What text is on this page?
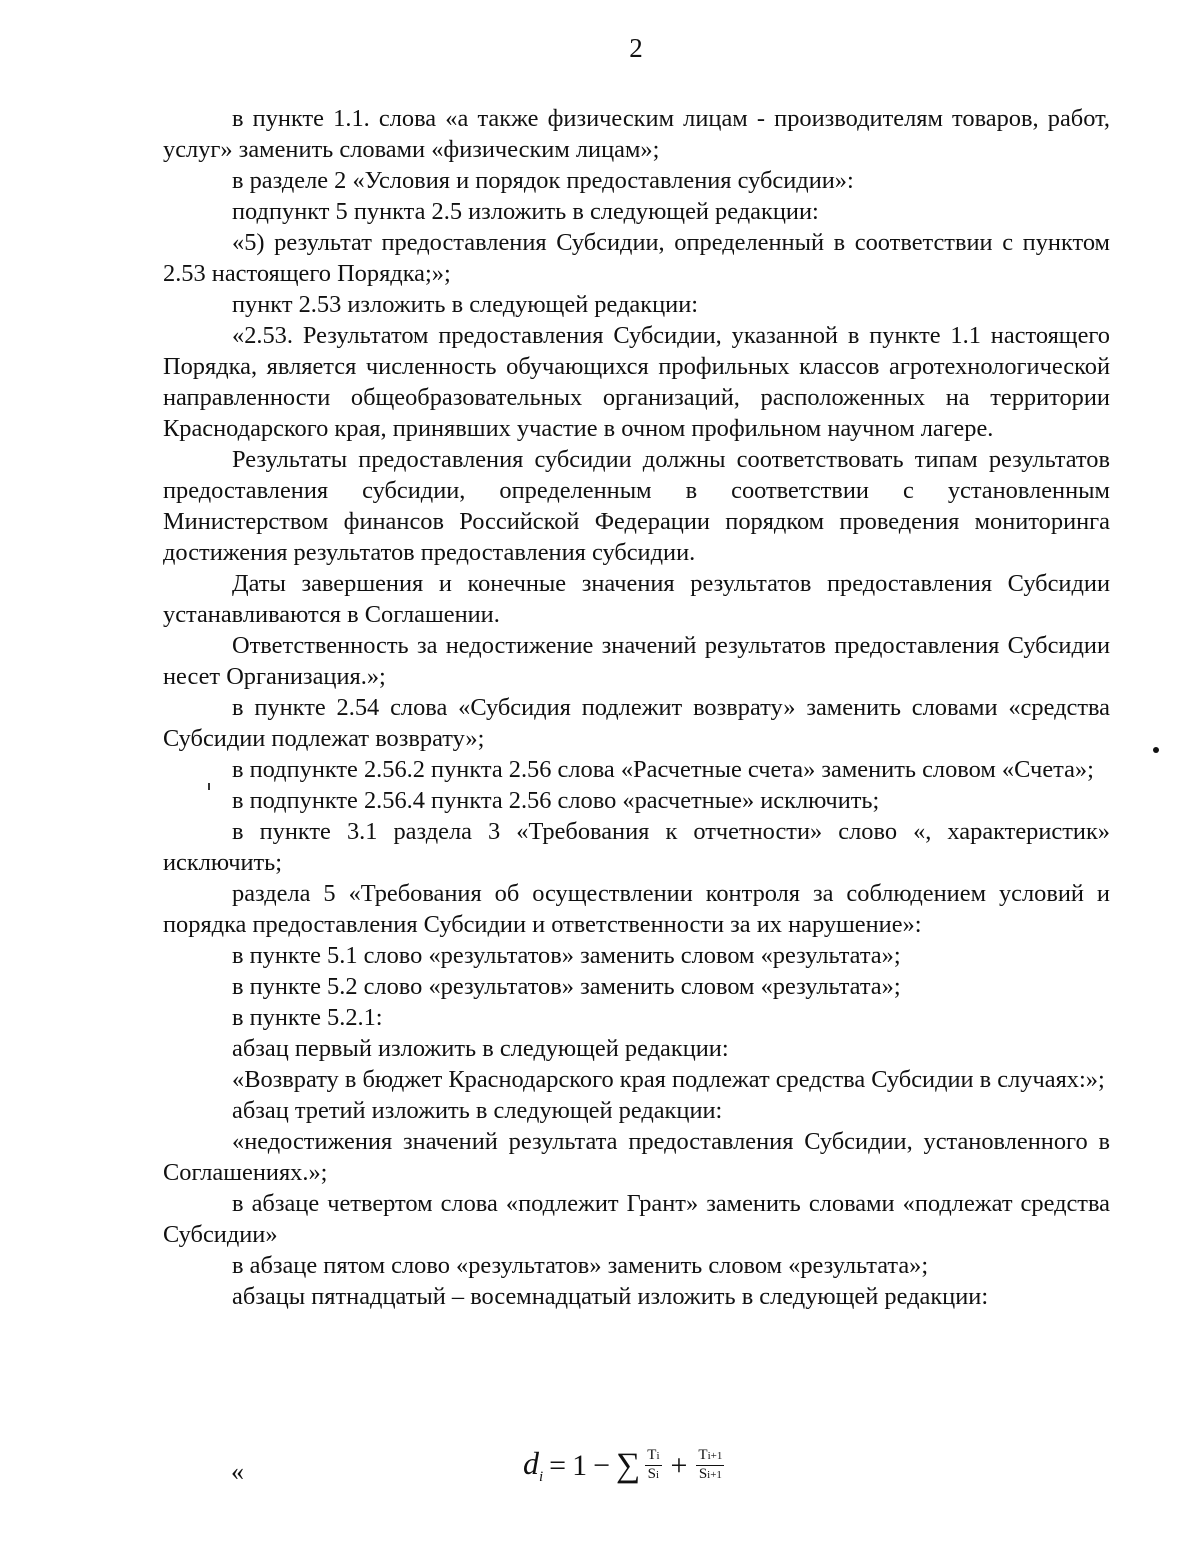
2

в пункте 1.1. слова «а также физическим лицам - производителям товаров, работ, услуг» заменить словами «физическим лицам»;

в разделе 2 «Условия и порядок предоставления субсидии»:

подпункт 5 пункта 2.5 изложить в следующей редакции:

«5) результат предоставления Субсидии, определенный в соответствии с пунктом 2.53 настоящего Порядка;»;

пункт 2.53 изложить в следующей редакции:

«2.53. Результатом предоставления Субсидии, указанной в пункте 1.1 настоящего Порядка, является численность обучающихся профильных классов агротехнологической направленности общеобразовательных организаций, расположенных на территории Краснодарского края, принявших участие в очном профильном научном лагере.

Результаты предоставления субсидии должны соответствовать типам результатов предоставления субсидии, определенным в соответствии с установленным Министерством финансов Российской Федерации порядком проведения мониторинга достижения результатов предоставления субсидии.

Даты завершения и конечные значения результатов предоставления Субсидии устанавливаются в Соглашении.

Ответственность за недостижение значений результатов предоставления Субсидии несет Организация.»;

в пункте 2.54 слова «Субсидия подлежит возврату» заменить словами «средства Субсидии подлежат возврату»;

в подпункте 2.56.2 пункта 2.56 слова «Расчетные счета» заменить словом «Счета»;

в подпункте 2.56.4 пункта 2.56 слово «расчетные» исключить;

в пункте 3.1 раздела 3 «Требования к отчетности» слово «, характеристик» исключить;

раздела 5 «Требования об осуществлении контроля за соблюдением условий и порядка предоставления Субсидии и ответственности за их нарушение»:

в пункте 5.1 слово «результатов» заменить словом «результата»;

в пункте 5.2 слово «результатов» заменить словом «результата»;

в пункте 5.2.1:

абзац первый изложить в следующей редакции:

«Возврату в бюджет Краснодарского края подлежат средства Субсидии в случаях:»;

абзац третий изложить в следующей редакции:

«недостижения значений результата предоставления Субсидии, установленного в Соглашениях.»;

в абзаце четвертом слова «подлежит Грант» заменить словами «подлежат средства Субсидии»

в абзаце пятом слово «результатов» заменить словом «результата»;

абзацы пятнадцатый – восемнадцатый изложить в следующей редакции:

«	$d_i = 1$ − ∑ $\frac{Ti}{Si} + \frac{Ti+1}{Si+1}$
